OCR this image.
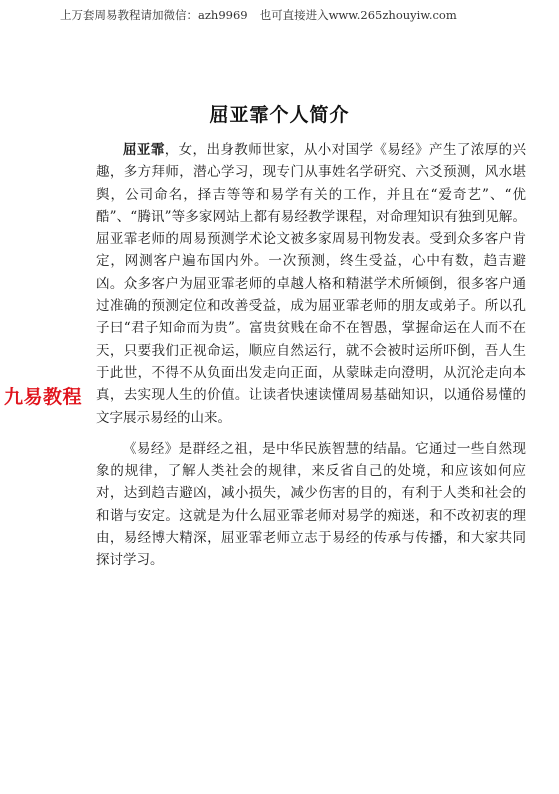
上万套周易教程请加微信：azh9969 也可直接进入www.265zhouyiw.com
屈亚霏个人简介

屈亚霏，女，出身教师世家，从小对国学《易经》产生了浓厚的兴趣，多方拜师，潜心学习，现专门从事姓名学研究、六爻预测，风水堪舆，公司命名，择吉等等和易学有关的工作，并且在“爱奇艺”、“优酷”、“腾讯”等多家网站上都有易经教学课程，对命理知识有独到见解。屈亚霏老师的周易预测学术论文被多家周易刊物发表。受到众多客户肯定，网测客户遍布国内外。一次预测，终生受益，心中有数，趋吉避凶。众多客户为屈亚霏老师的卓越人格和精湛学术所倾倒，很多客户通过准确的预测定位和改善受益，成为屈亚霏老师的朋友或弟子。所以孔子曰“君子知命而为贵”。富贵贫贱在命不在智愚，掌握命运在人而不在天，只要我们正视命运，顺应自然运行，就不会被时运所吓倒，吾人生于此世，不得不从负面出发走向正面，从蒙昧走向澄明，从沉沦走向本真，去实现人生的价值。让读者快速读懂周易基础知识，以通俗易懂的文字展示易经的山来。

《易经》是群经之祖，是中华民族智慧的结晶。它通过一些自然现象的规律，了解人类社会的规律，来反省自己的处境，和应该如何应对，达到趋吉避凶，减小损失，减少伤害的目的，有利于人类和社会的和谐与安定。这就是为什么屈亚霏老师对易学的痴迷，和不改初衷的理由，易经博大精深，屈亚霏老师立志于易经的传承与传播，和大家共同探讨学习。

九易教程
